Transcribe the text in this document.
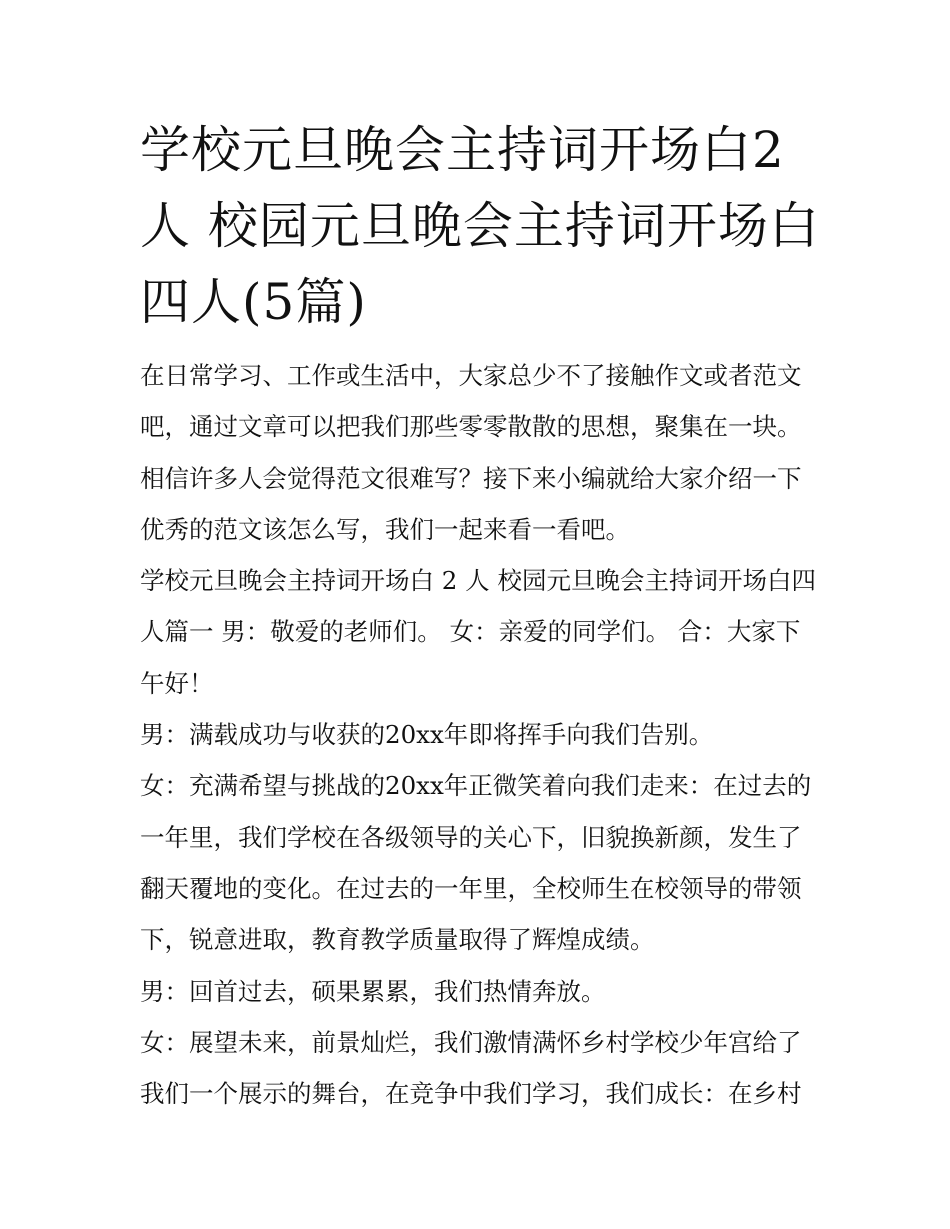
学校元旦晚会主持词开场白2人 校园元旦晚会主持词开场白四人(5篇)

在日常学习、工作或生活中，大家总少不了接触作文或者范文吧，通过文章可以把我们那些零零散散的思想，聚集在一块。相信许多人会觉得范文很难写？接下来小编就给大家介绍一下优秀的范文该怎么写，我们一起来看一看吧。

学校元旦晚会主持词开场白 2 人 校园元旦晚会主持词开场白四人篇一 男：敬爱的老师们。 女：亲爱的同学们。 合：大家下午好！

男：满载成功与收获的20xx年即将挥手向我们告别。

女：充满希望与挑战的20xx年正微笑着向我们走来：在过去的一年里，我们学校在各级领导的关心下，旧貌换新颜，发生了翻天覆地的变化。在过去的一年里，全校师生在校领导的带领下，锐意进取，教育教学质量取得了辉煌成绩。

男：回首过去，硕果累累，我们热情奔放。

女：展望未来，前景灿烂，我们激情满怀乡村学校少年宫给了我们一个展示的舞台，在竞争中我们学习，我们成长：在乡村
